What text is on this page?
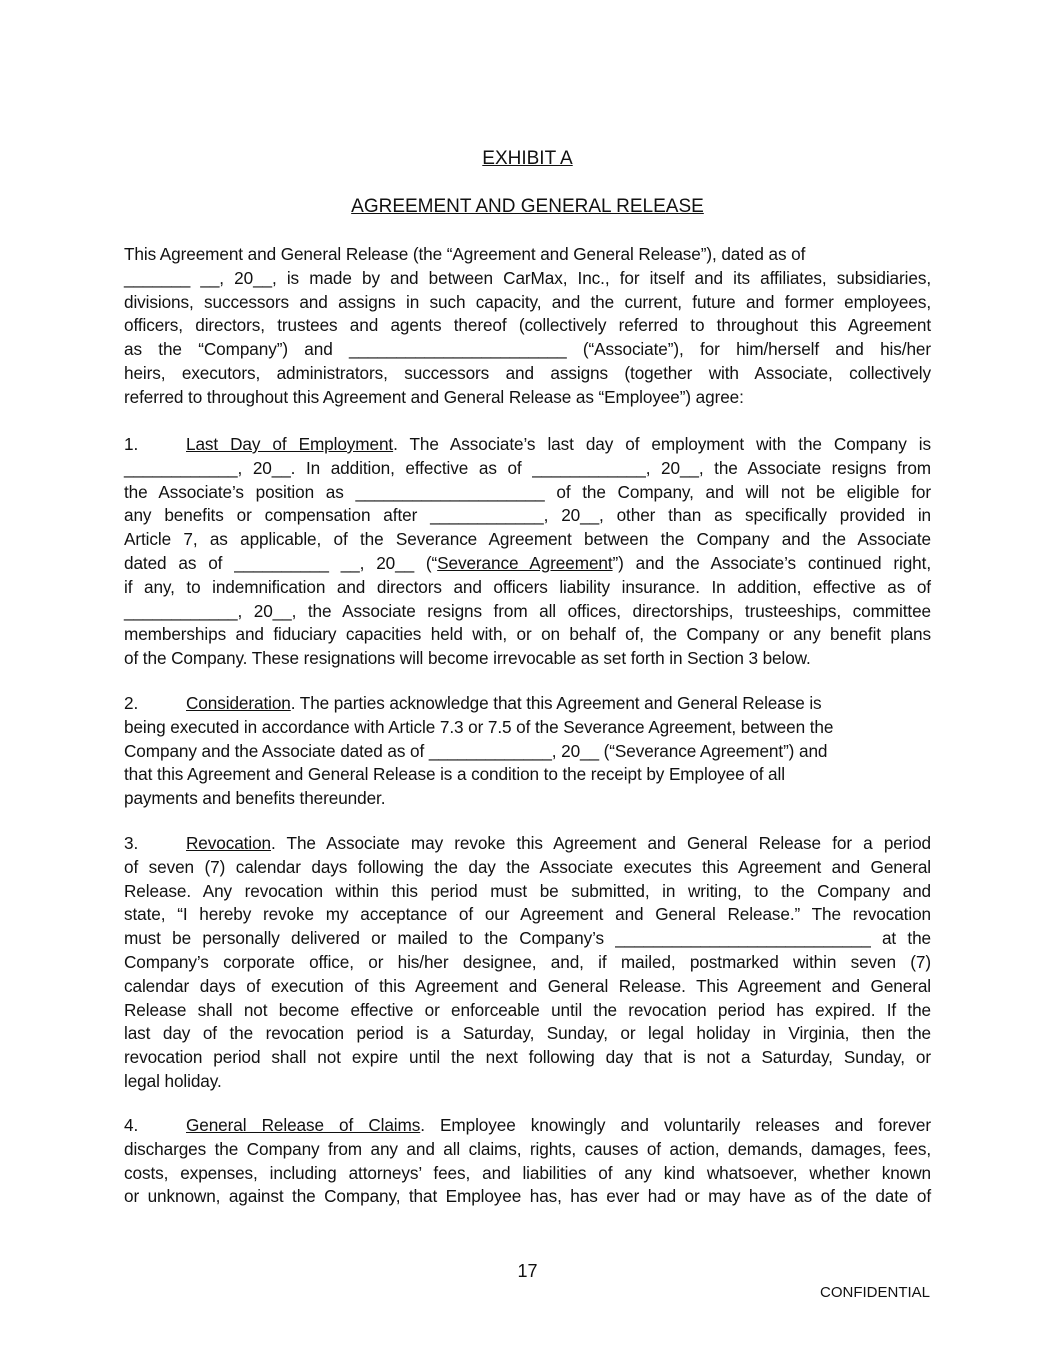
EXHIBIT A
AGREEMENT AND GENERAL RELEASE
This Agreement and General Release (the “Agreement and General Release”), dated as of
_______ __, 20__, is made by and between CarMax, Inc., for itself and its affiliates, subsidiaries,
divisions, successors and assigns in such capacity, and the current, future and former employees,
officers, directors, trustees and agents thereof (collectively referred to throughout this Agreement
as the “Company”) and _______________________ (“Associate”), for him/herself and his/her
heirs, executors, administrators, successors and assigns (together with Associate, collectively
referred to throughout this Agreement and General Release as “Employee”) agree:
1.	Last Day of Employment. The Associate’s last day of employment with the Company is
____________, 20__. In addition, effective as of ____________, 20__, the Associate resigns from
the Associate’s position as ____________________ of the Company, and will not be eligible for
any benefits or compensation after ____________, 20__, other than as specifically provided in
Article 7, as applicable, of the Severance Agreement between the Company and the Associate
dated as of __________ __, 20__ (“Severance Agreement”) and the Associate’s continued right,
if any, to indemnification and directors and officers liability insurance. In addition, effective as of
____________, 20__, the Associate resigns from all offices, directorships, trusteeships, committee
memberships and fiduciary capacities held with, or on behalf of, the Company or any benefit plans
of the Company. These resignations will become irrevocable as set forth in Section 3 below.
2.	Consideration. The parties acknowledge that this Agreement and General Release is
being executed in accordance with Article 7.3 or 7.5 of the Severance Agreement, between the
Company and the Associate dated as of _____________, 20__ (“Severance Agreement”) and
that this Agreement and General Release is a condition to the receipt by Employee of all
payments and benefits thereunder.
3.	Revocation. The Associate may revoke this Agreement and General Release for a period
of seven (7) calendar days following the day the Associate executes this Agreement and General
Release. Any revocation within this period must be submitted, in writing, to the Company and
state, “I hereby revoke my acceptance of our Agreement and General Release.” The revocation
must be personally delivered or mailed to the Company’s ___________________________ at the
Company’s corporate office, or his/her designee, and, if mailed, postmarked within seven (7)
calendar days of execution of this Agreement and General Release. This Agreement and General
Release shall not become effective or enforceable until the revocation period has expired. If the
last day of the revocation period is a Saturday, Sunday, or legal holiday in Virginia, then the
revocation period shall not expire until the next following day that is not a Saturday, Sunday, or
legal holiday.
4.	General Release of Claims. Employee knowingly and voluntarily releases and forever
discharges the Company from any and all claims, rights, causes of action, demands, damages, fees,
costs, expenses, including attorneys’ fees, and liabilities of any kind whatsoever, whether known
or unknown, against the Company, that Employee has, has ever had or may have as of the date of
17
CONFIDENTIAL
